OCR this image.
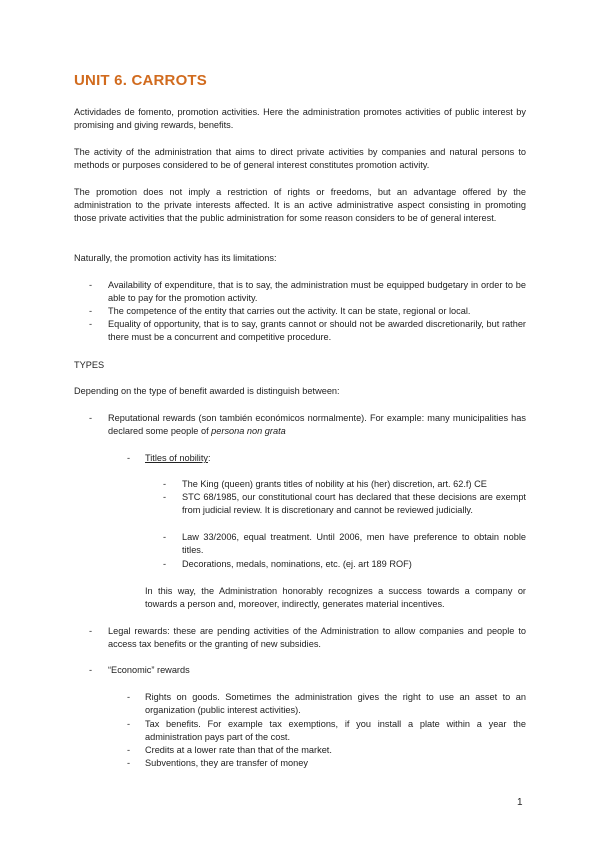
UNIT 6. CARROTS

Actividades de fomento, promotion activities. Here the administration promotes activities of public interest by promising and giving rewards, benefits.

The activity of the administration that aims to direct private activities by companies and natural persons to methods or purposes considered to be of general interest constitutes promotion activity.

The promotion does not imply a restriction of rights or freedoms, but an advantage offered by the administration to the private interests affected. It is an active administrative aspect consisting in promoting those private activities that the public administration for some reason considers to be of general interest.

Naturally, the promotion activity has its limitations:

- Availability of expenditure, that is to say, the administration must be equipped budgetary in order to be able to pay for the promotion activity.

- The competence of the entity that carries out the activity. It can be state, regional or local.

- Equality of opportunity, that is to say, grants cannot or should not be awarded discretionarily, but rather there must be a concurrent and competitive procedure.

TYPES

Depending on the type of benefit awarded is distinguish between:

- Reputational rewards (son también económicos normalmente). For example: many municipalities has declared some people of persona non grata

- Titles of nobility:

- The King (queen) grants titles of nobility at his (her) discretion, art. 62.f) CE

- STC 68/1985, our constitutional court has declared that these decisions are exempt from judicial review. It is discretionary and cannot be reviewed judicially.

- Law 33/2006, equal treatment. Until 2006, men have preference to obtain noble titles.

- Decorations, medals, nominations, etc. (ej. art 189 ROF)

In this way, the Administration honorably recognizes a success towards a company or towards a person and, moreover, indirectly, generates material incentives.

- Legal rewards: these are pending activities of the Administration to allow companies and people to access tax benefits or the granting of new subsidies.

- “Economic” rewards

- Rights on goods. Sometimes the administration gives the right to use an asset to an organization (public interest activities).

- Tax benefits. For example tax exemptions, if you install a plate within a year the administration pays part of the cost.

- Credits at a lower rate than that of the market.

- Subventions, they are transfer of money

1
